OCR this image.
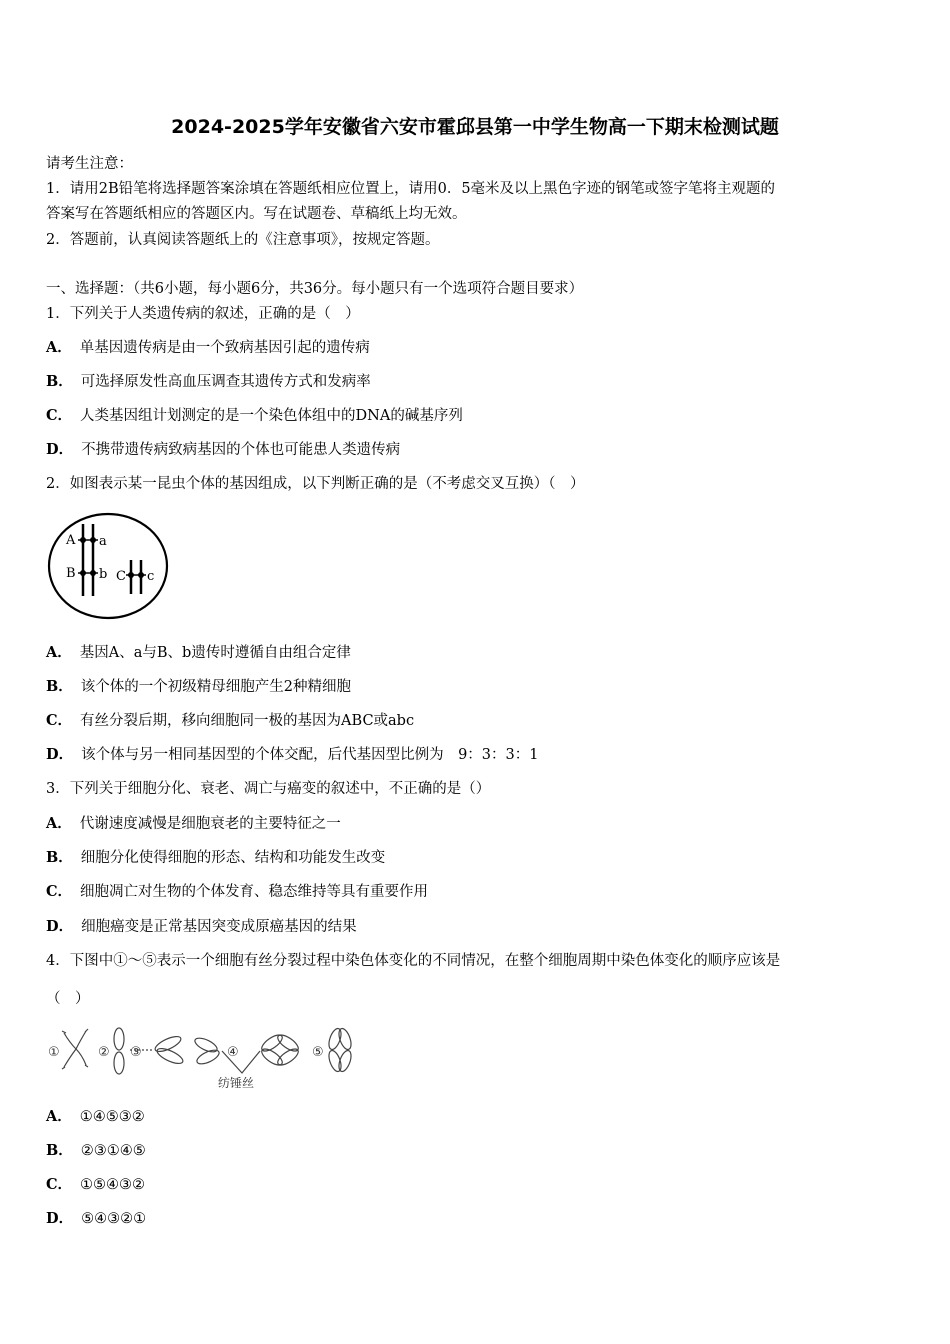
2024-2025学年安徽省六安市霍邱县第一中学生物高一下期末检测试题
请考生注意：
1．请用2B铅笔将选择题答案涂填在答题纸相应位置上，请用0．5毫米及以上黑色字迹的钢笔或签字笔将主观题的
答案写在答题纸相应的答题区内。写在试题卷、草稿纸上均无效。
2．答题前，认真阅读答题纸上的《注意事项》，按规定答题。
一、选择题：（共6小题，每小题6分，共36分。每小题只有一个选项符合题目要求）
1．下列关于人类遗传病的叙述，正确的是（　）
A． 单基因遗传病是由一个致病基因引起的遗传病
B． 可选择原发性高血压调查其遗传方式和发病率
C． 人类基因组计划测定的是一个染色体组中的DNA的碱基序列
D． 不携带遗传病致病基因的个体也可能患人类遗传病
2．如图表示某一昆虫个体的基因组成，以下判断正确的是（不考虑交叉互换）（　）
A a
B b C c
A． 基因A、a与B、b遗传时遵循自由组合定律
B． 该个体的一个初级精母细胞产生2种精细胞
C． 有丝分裂后期，移向细胞同一极的基因为ABC或abc
D． 该个体与另一相同基因型的个体交配，后代基因型比例为　9：3：3：1
3．下列关于细胞分化、衰老、凋亡与癌变的叙述中，不正确的是（）
A． 代谢速度减慢是细胞衰老的主要特征之一
B． 细胞分化使得细胞的形态、结构和功能发生改变
C． 细胞凋亡对生物的个体发育、稳态维持等具有重要作用
D． 细胞癌变是正常基因突变成原癌基因的结果
4．下图中①～⑤表示一个细胞有丝分裂过程中染色体变化的不同情况，在整个细胞周期中染色体变化的顺序应该是
（　）
①	② ③	④	⑤
纺锤丝
A． ①④⑤③②
B． ②③①④⑤
C． ①⑤④③②
D． ⑤④③②①
